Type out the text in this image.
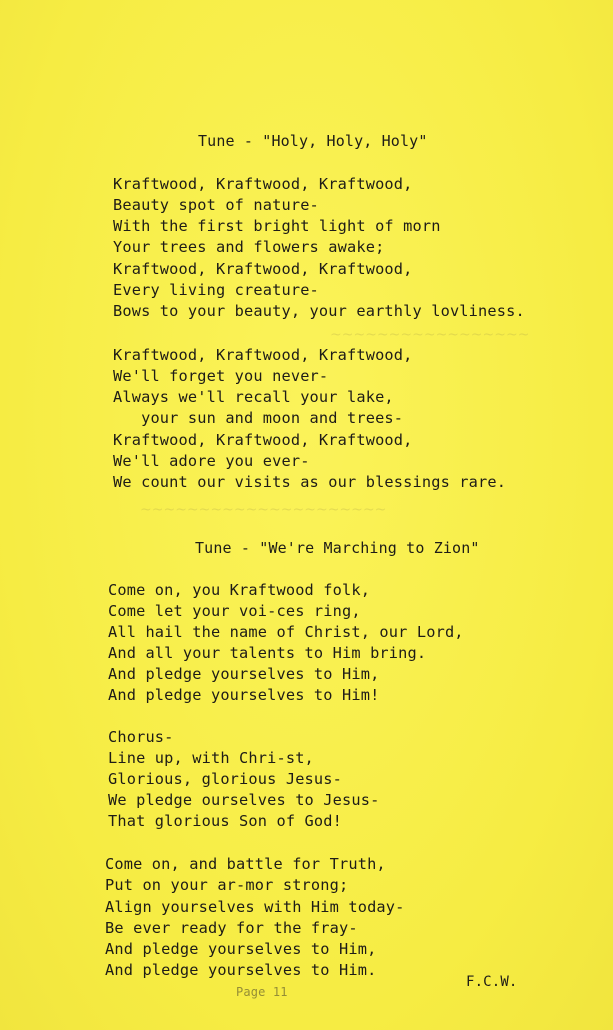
~~~~~~~~~~~~~~~~~
~~~~~~~~~~~~~~~~~~~~~
Tune - "Holy, Holy, Holy"
Kraftwood, Kraftwood, Kraftwood,
Beauty spot of nature-
With the first bright light of morn
Your trees and flowers awake;
Kraftwood, Kraftwood, Kraftwood,
Every living creature-
Bows to your beauty, your earthly lovliness.
Kraftwood, Kraftwood, Kraftwood,
We'll forget you never-
Always we'll recall your lake,
your sun and moon and trees-
Kraftwood, Kraftwood, Kraftwood,
We'll adore you ever-
We count our visits as our blessings rare.
Tune - "We're Marching to Zion"
Come on, you Kraftwood folk,
Come let your voi-ces ring,
All hail the name of Christ, our Lord,
And all your talents to Him bring.
And pledge yourselves to Him,
And pledge yourselves to Him!
Chorus-
Line up, with Chri-st,
Glorious, glorious Jesus-
We pledge ourselves to Jesus-
That glorious Son of God!
Come on, and battle for Truth,
Put on your ar-mor strong;
Align yourselves with Him today-
Be ever ready for the fray-
And pledge yourselves to Him,
And pledge yourselves to Him.
F.C.W.
Page 11
